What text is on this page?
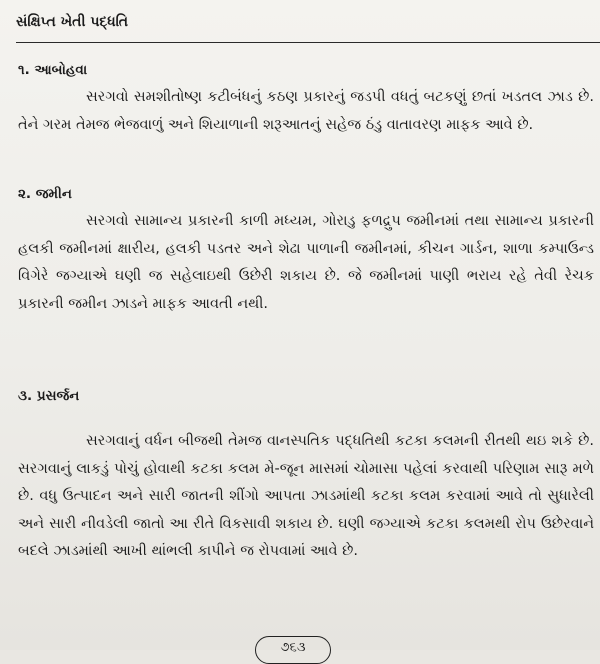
સંક્ષિપ્ત ખેતી પદ્ધતિ
૧. આબોહવા
સરગવો સમશીતોષ્ણ કટીબંધનું કઠણ પ્રકારનું જડપી વધતું બટકણું છતાં ખડતલ ઝાડ છે. તેને ગરમ તેમજ ભેજવાળું અને શિયાળાની શરૂઆતનું સહેજ ઠંડુ વાતાવરણ માફક આવે છે.
૨. જમીન
સરગવો સામાન્ય પ્રકારની કાળી મધ્યમ, ગોરાડુ ફળદ્રુપ જમીનમાં તથા સામાન્ય પ્રકારની હલકી જમીનમાં ક્ષારીય, હલકી પડતર અને શેઢા પાળાની જમીનમાં, કીચન ગાર્ડન, શાળા કમ્પાઉન્ડ વિગેરે જગ્યાએ ઘણી જ સહેલાઇથી ઉછેરી શકાય છે. જે જમીનમાં પાણી ભરાય રહે તેવી રેચક પ્રકારની જમીન ઝાડને માફક આવતી નથી.
૩. પ્રસર્જન
સરગવાનું વર્ધન બીજથી તેમજ વાનસ્પતિક પદ્ધતિથી કટકા કલમની રીતથી થઇ શકે છે. સરગવાનું લાકડું પોચું હોવાથી કટકા કલમ મે-જૂન માસમાં ચોમાસા પહેલાં કરવાથી પરિણામ સારૂ મળે છે. વધુ ઉત્પાદન અને સારી જાતની શીંગો આપતા ઝાડમાંથી કટકા કલમ કરવામાં આવે તો સુધારેલી અને સારી નીવડેલી જાતો આ રીતે વિકસાવી શકાય છે. ઘણી જગ્યાએ કટકા કલમથી રોપ ઉછેરવાને બદલે ઝાડમાંથી આખી થાંભલી કાપીને જ રોપવામાં આવે છે.
૭૬૩
